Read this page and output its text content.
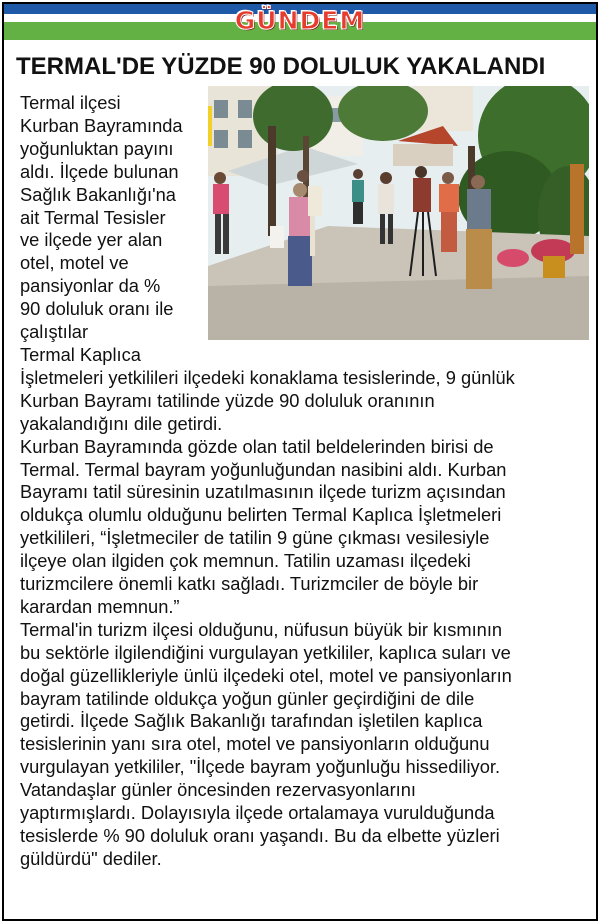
GÜNDEM
TERMAL'DE YÜZDE 90 DOLULUK YAKALANDI
Termal ilçesi
Kurban Bayramında
yoğunluktan payını
aldı. İlçede bulunan
Sağlık Bakanlığı'na
ait Termal Tesisler
ve ilçede yer alan
otel, motel ve
pansiyonlar da %
90 doluluk oranı ile
çalıştılar
Termal Kaplıca
İşletmeleri yetkilileri ilçedeki konaklama tesislerinde, 9 günlük
Kurban Bayramı tatilinde yüzde 90 doluluk oranının
yakalandığını dile getirdi.
Kurban Bayramında gözde olan tatil beldelerinden birisi de
Termal. Termal bayram yoğunluğundan nasibini aldı. Kurban
Bayramı tatil süresinin uzatılmasının ilçede turizm açısından
oldukça olumlu olduğunu belirten Termal Kaplıca İşletmeleri
yetkilileri, “İşletmeciler de tatilin 9 güne çıkması vesilesiyle
ilçeye olan ilgiden çok memnun. Tatilin uzaması ilçedeki
turizmcilere önemli katkı sağladı. Turizmciler de böyle bir
karardan memnun.”
Termal'in turizm ilçesi olduğunu, nüfusun büyük bir kısmının
bu sektörle ilgilendiğini vurgulayan yetkililer, kaplıca suları ve
doğal güzellikleriyle ünlü ilçedeki otel, motel ve pansiyonların
bayram tatilinde oldukça yoğun günler geçirdiğini de dile
getirdi. İlçede Sağlık Bakanlığı tarafından işletilen kaplıca
tesislerinin yanı sıra otel, motel ve pansiyonların olduğunu
vurgulayan yetkililer, "İlçede bayram yoğunluğu hissediliyor.
Vatandaşlar günler öncesinden rezervasyonlarını
yaptırmışlardı. Dolayısıyla ilçede ortalamaya vurulduğunda
tesislerde % 90 doluluk oranı yaşandı. Bu da elbette yüzleri
güldürdü" dediler.
